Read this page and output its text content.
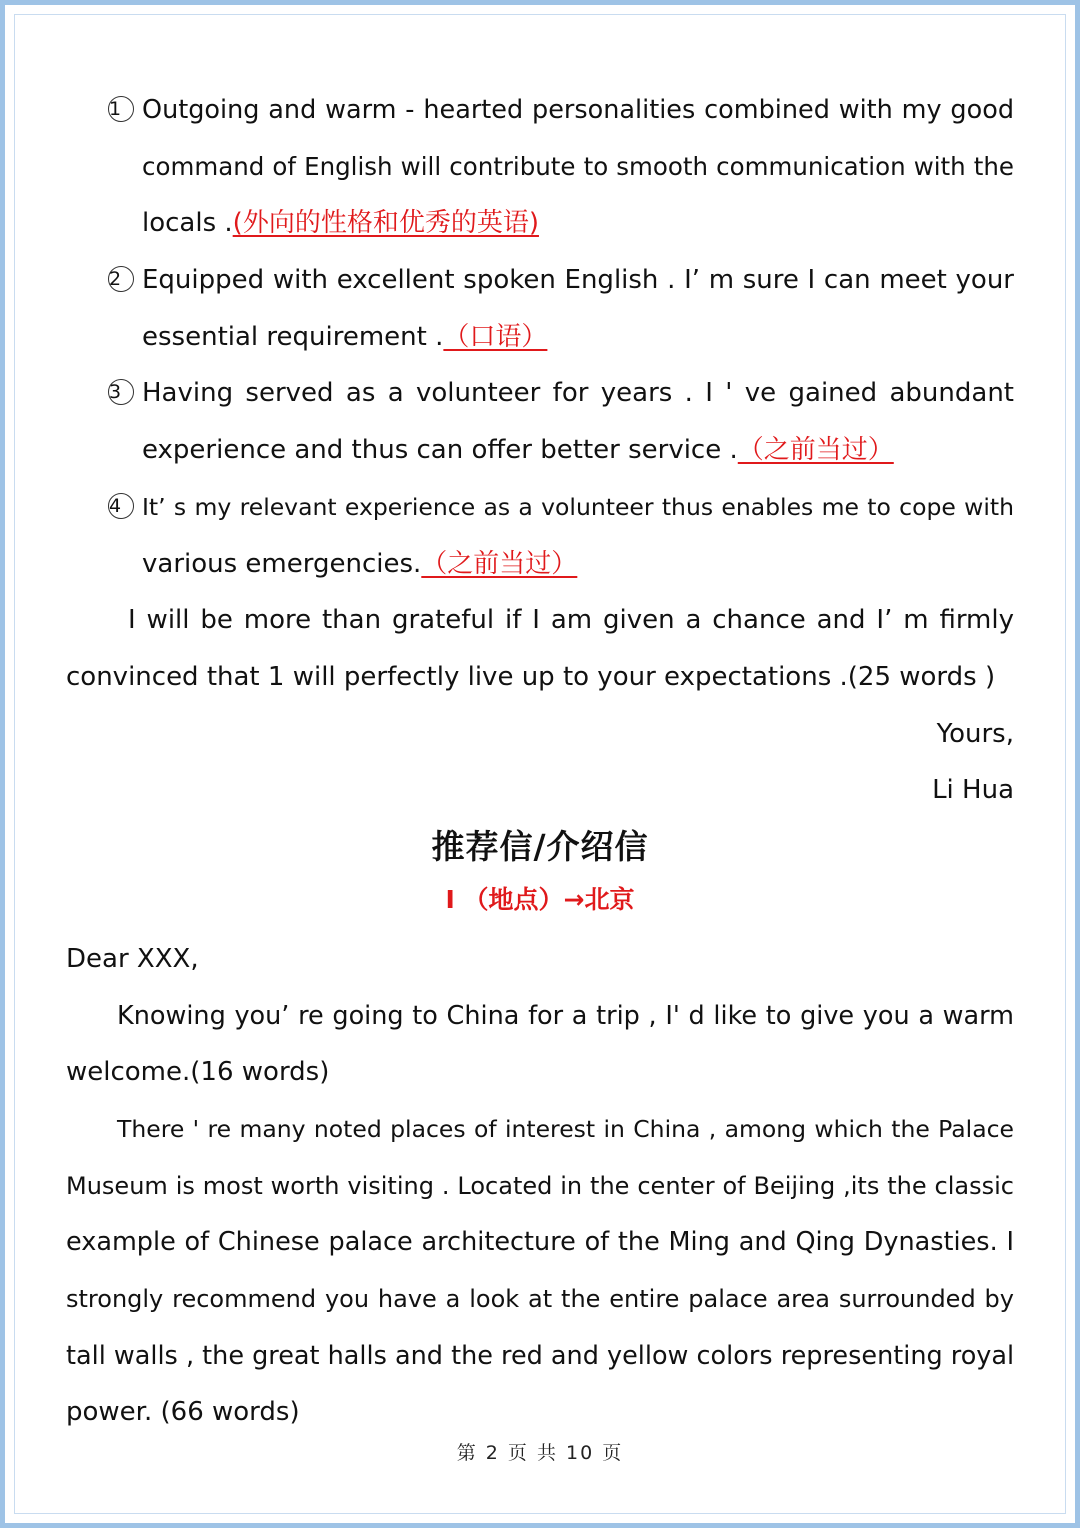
1 Outgoing and warm - hearted personalities combined with my good
command of English will contribute to smooth communication with the
locals .(外向的性格和优秀的英语)
2 Equipped with excellent spoken English . I’ m sure I can meet your
essential requirement .（口语）
3 Having served as a volunteer for years . I ' ve gained abundant
experience and thus can offer better service .（之前当过）
4 It’ s my relevant experience as a volunteer thus enables me to cope with
various emergencies.（之前当过）
I will be more than grateful if I am given a chance and I’ m firmly
convinced that 1 will perfectly live up to your expectations .(25 words )
Yours,
Li Hua
推荐信/介绍信
Ⅰ （地点）→北京
Dear XXX,
Knowing you’ re going to China for a trip , I' d like to give you a warm
welcome.(16 words)
There ' re many noted places of interest in China , among which the Palace
Museum is most worth visiting . Located in the center of Beijing ,its the classic
example of Chinese palace architecture of the Ming and Qing Dynasties. I
strongly recommend you have a look at the entire palace area surrounded by
tall walls , the great halls and the red and yellow colors representing royal
power. (66 words)
第 2 页 共 10 页
